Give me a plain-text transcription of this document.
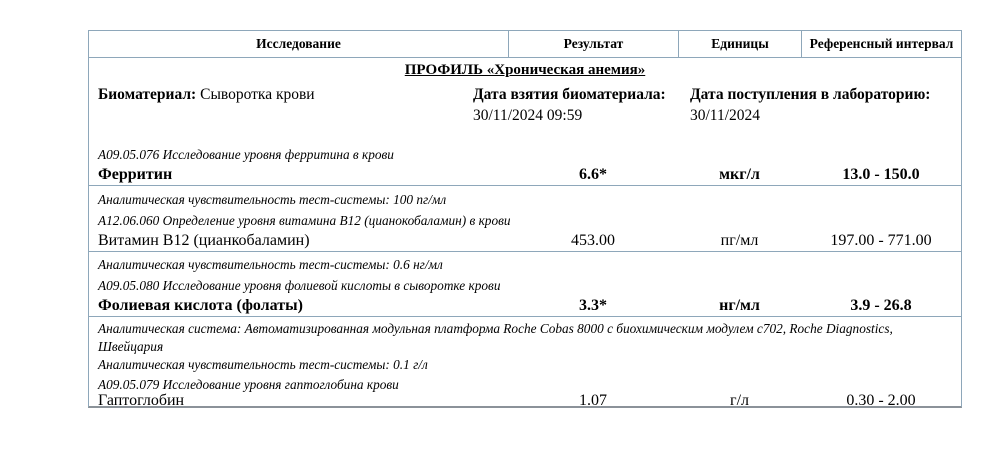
Исследование	Результат	Единицы	Референсный интервал
ПРОФИЛЬ «Хроническая анемия»
Биоматериал: Сыворотка крови	Дата взятия биоматериала:
30/11/2024 09:59
Дата поступления в лабораторию:
30/11/2024
A09.05.076 Исследование уровня ферритина в крови
Ферритин	6.6*	мкг/л	13.0 - 150.0
Аналитическая чувствительность тест-системы: 100 пг/мл
A12.06.060 Определение уровня витамина B12 (цианокобаламин) в крови
Витамин B12 (цианкобаламин)	453.00	пг/мл	197.00 - 771.00
Аналитическая чувствительность тест-системы: 0.6 нг/мл
A09.05.080 Исследование уровня фолиевой кислоты в сыворотке крови
Фолиевая кислота (фолаты)	3.3*	нг/мл	3.9 - 26.8
Аналитическая система: Автоматизированная модульная платформа Roche Cobas 8000 с биохимическим модулем c702, Roche Diagnostics,
Швейцария
Аналитическая чувствительность тест-системы: 0.1 г/л
A09.05.079 Исследование уровня гаптоглобина крови
Гаптоглобин	1.07	г/л	0.30 - 2.00
